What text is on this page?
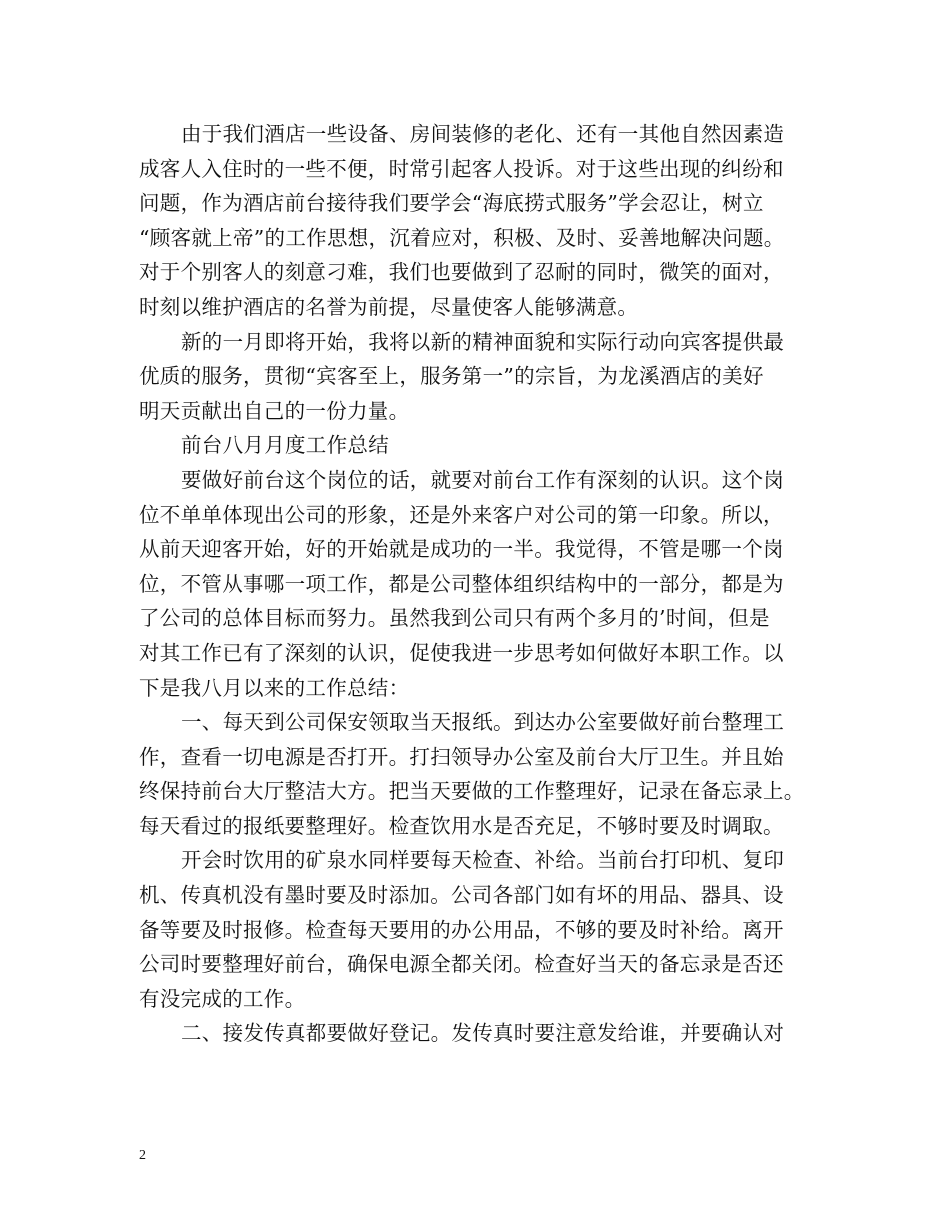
由于我们酒店一些设备、房间装修的老化、还有一其他自然因素造
成客人入住时的一些不便，时常引起客人投诉。对于这些出现的纠纷和
问题，作为酒店前台接待我们要学会“海底捞式服务”学会忍让，树立
“顾客就上帝”的工作思想，沉着应对，积极、及时、妥善地解决问题。
对于个别客人的刻意刁难，我们也要做到了忍耐的同时，微笑的面对，
时刻以维护酒店的名誉为前提，尽量使客人能够满意。
新的一月即将开始，我将以新的精神面貌和实际行动向宾客提供最
优质的服务，贯彻“宾客至上，服务第一”的宗旨，为龙溪酒店的美好
明天贡献出自己的一份力量。
前台八月月度工作总结
要做好前台这个岗位的话，就要对前台工作有深刻的认识。这个岗
位不单单体现出公司的形象，还是外来客户对公司的第一印象。所以，
从前天迎客开始，好的开始就是成功的一半。我觉得，不管是哪一个岗
位，不管从事哪一项工作，都是公司整体组织结构中的一部分，都是为
了公司的总体目标而努力。虽然我到公司只有两个多月的’时间，但是
对其工作已有了深刻的认识，促使我进一步思考如何做好本职工作。以
下是我八月以来的工作总结：
一、每天到公司保安领取当天报纸。到达办公室要做好前台整理工
作，查看一切电源是否打开。打扫领导办公室及前台大厅卫生。并且始
终保持前台大厅整洁大方。把当天要做的工作整理好，记录在备忘录上。
每天看过的报纸要整理好。检查饮用水是否充足，不够时要及时调取。
开会时饮用的矿泉水同样要每天检查、补给。当前台打印机、复印
机、传真机没有墨时要及时添加。公司各部门如有坏的用品、器具、设
备等要及时报修。检查每天要用的办公用品，不够的要及时补给。离开
公司时要整理好前台，确保电源全都关闭。检查好当天的备忘录是否还
有没完成的工作。
二、接发传真都要做好登记。发传真时要注意发给谁，并要确认对
2
